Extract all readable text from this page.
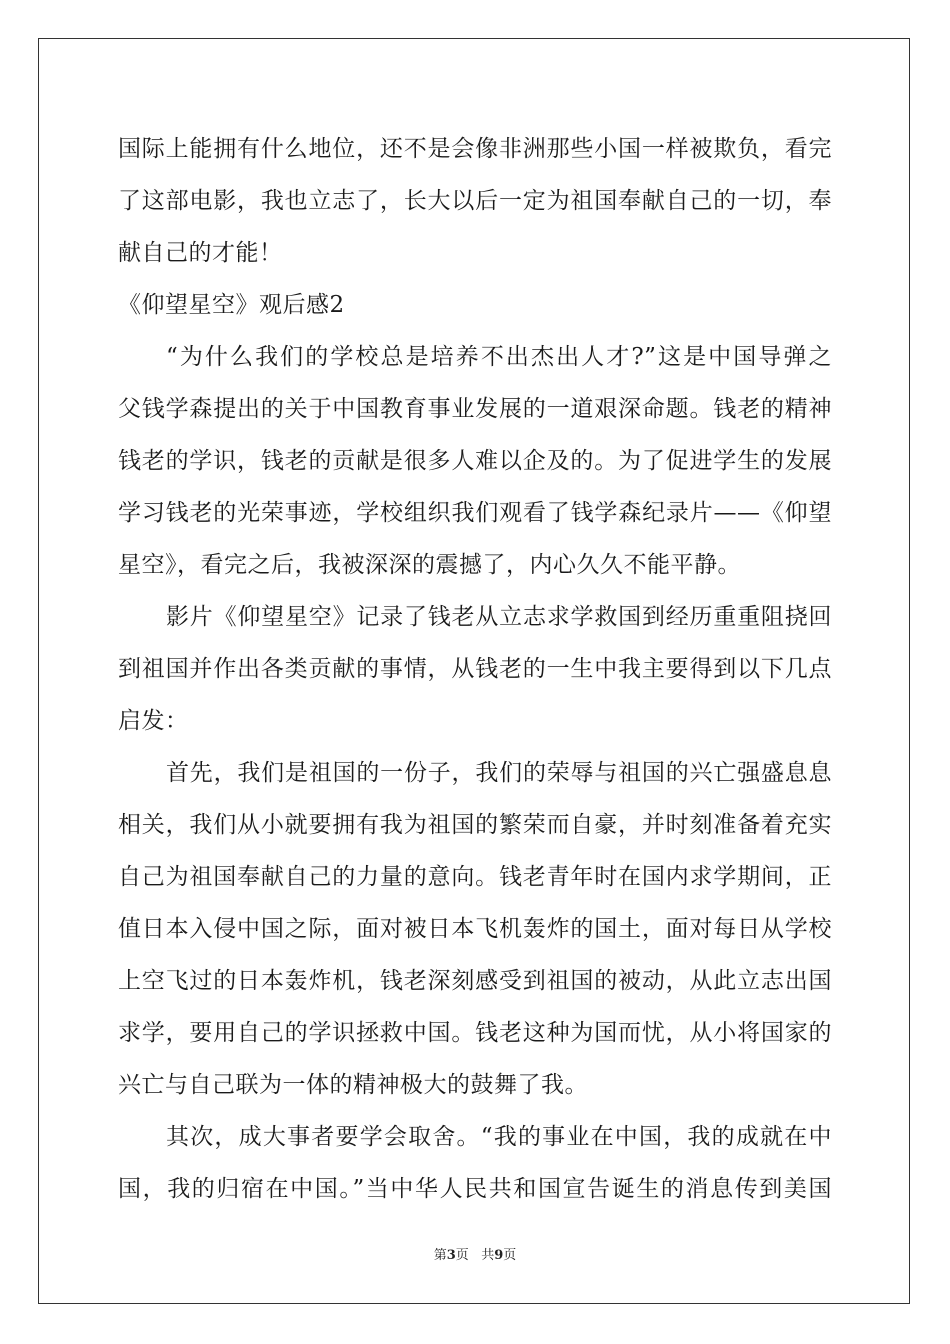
国际上能拥有什么地位，还不是会像非洲那些小国一样被欺负，看完
了这部电影，我也立志了，长大以后一定为祖国奉献自己的一切，奉
献自己的才能！
《仰望星空》观后感2
“为什么我们的学校总是培养不出杰出人才?”这是中国导弹之
父钱学森提出的关于中国教育事业发展的一道艰深命题。钱老的精神
钱老的学识，钱老的贡献是很多人难以企及的。为了促进学生的发展
学习钱老的光荣事迹，学校组织我们观看了钱学森纪录片——《仰望
星空》，看完之后，我被深深的震撼了，内心久久不能平静。
影片《仰望星空》记录了钱老从立志求学救国到经历重重阻挠回
到祖国并作出各类贡献的事情，从钱老的一生中我主要得到以下几点
启发：
首先，我们是祖国的一份子，我们的荣辱与祖国的兴亡强盛息息
相关，我们从小就要拥有我为祖国的繁荣而自豪，并时刻准备着充实
自己为祖国奉献自己的力量的意向。钱老青年时在国内求学期间，正
值日本入侵中国之际，面对被日本飞机轰炸的国土，面对每日从学校
上空飞过的日本轰炸机，钱老深刻感受到祖国的被动，从此立志出国
求学，要用自己的学识拯救中国。钱老这种为国而忧，从小将国家的
兴亡与自己联为一体的精神极大的鼓舞了我。
其次，成大事者要学会取舍。“我的事业在中国，我的成就在中
国，我的归宿在中国。”当中华人民共和国宣告诞生的消息传到美国
第3页 共9页
